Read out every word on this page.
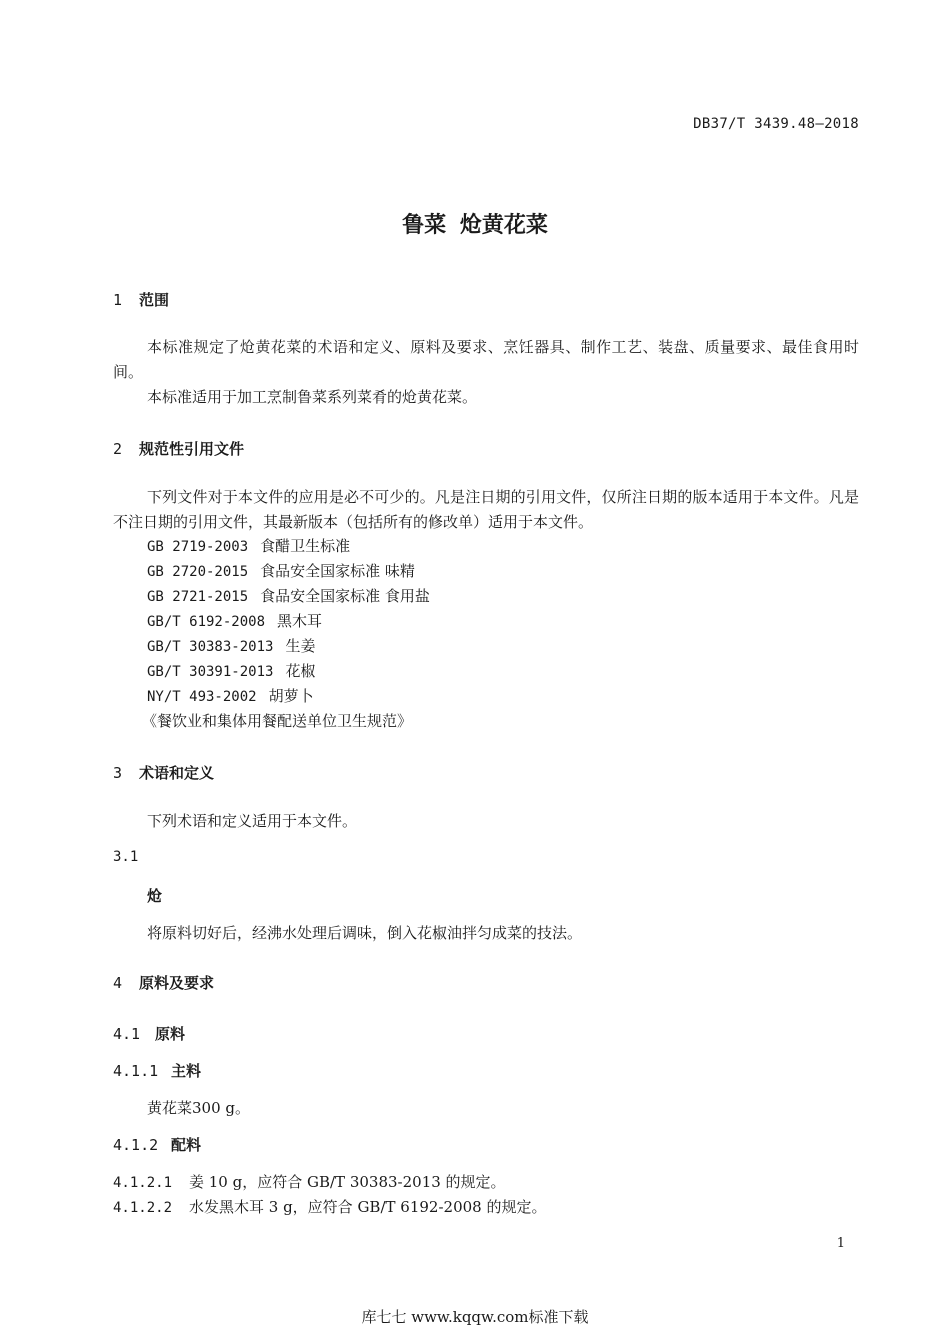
DB37/T 3439.48—2018
鲁菜 炝黄花菜
1 范围
本标准规定了炝黄花菜的术语和定义、原料及要求、烹饪器具、制作工艺、装盘、质量要求、最佳食用时间。
本标准适用于加工烹制鲁菜系列菜肴的炝黄花菜。
2 规范性引用文件
下列文件对于本文件的应用是必不可少的。凡是注日期的引用文件，仅所注日期的版本适用于本文件。凡是不注日期的引用文件，其最新版本（包括所有的修改单）适用于本文件。
GB 2719-2003 食醋卫生标准
GB 2720-2015 食品安全国家标准 味精
GB 2721-2015 食品安全国家标准 食用盐
GB/T 6192-2008 黑木耳
GB/T 30383-2013 生姜
GB/T 30391-2013 花椒
NY/T 493-2002 胡萝卜
《餐饮业和集体用餐配送单位卫生规范》
3 术语和定义
下列术语和定义适用于本文件。
3.1
炝
将原料切好后，经沸水处理后调味，倒入花椒油拌匀成菜的技法。
4 原料及要求
4.1 原料
4.1.1 主料
黄花菜300 g。
4.1.2 配料
4.1.2.1 姜 10 g，应符合 GB/T 30383-2013 的规定。
4.1.2.2 水发黑木耳 3 g，应符合 GB/T 6192-2008 的规定。
1
库七七 www.kqqw.com标准下载
